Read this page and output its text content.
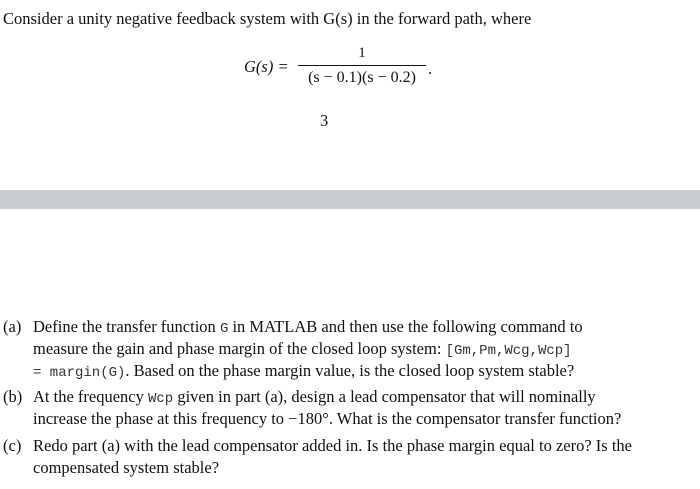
Consider a unity negative feedback system with G(s) in the forward path, where
G(s) =
1
(s − 0.1)(s − 0.2) .
3
(a) Define the transfer function G in MATLAB and then use the following command to
measure the gain and phase margin of the closed loop system: [Gm,Pm,Wcg,Wcp]
= margin(G). Based on the phase margin value, is the closed loop system stable?
(b) At the frequency Wcp given in part (a), design a lead compensator that will nominally
increase the phase at this frequency to −180°. What is the compensator transfer function?
(c) Redo part (a) with the lead compensator added in. Is the phase margin equal to zero? Is the
compensated system stable?
